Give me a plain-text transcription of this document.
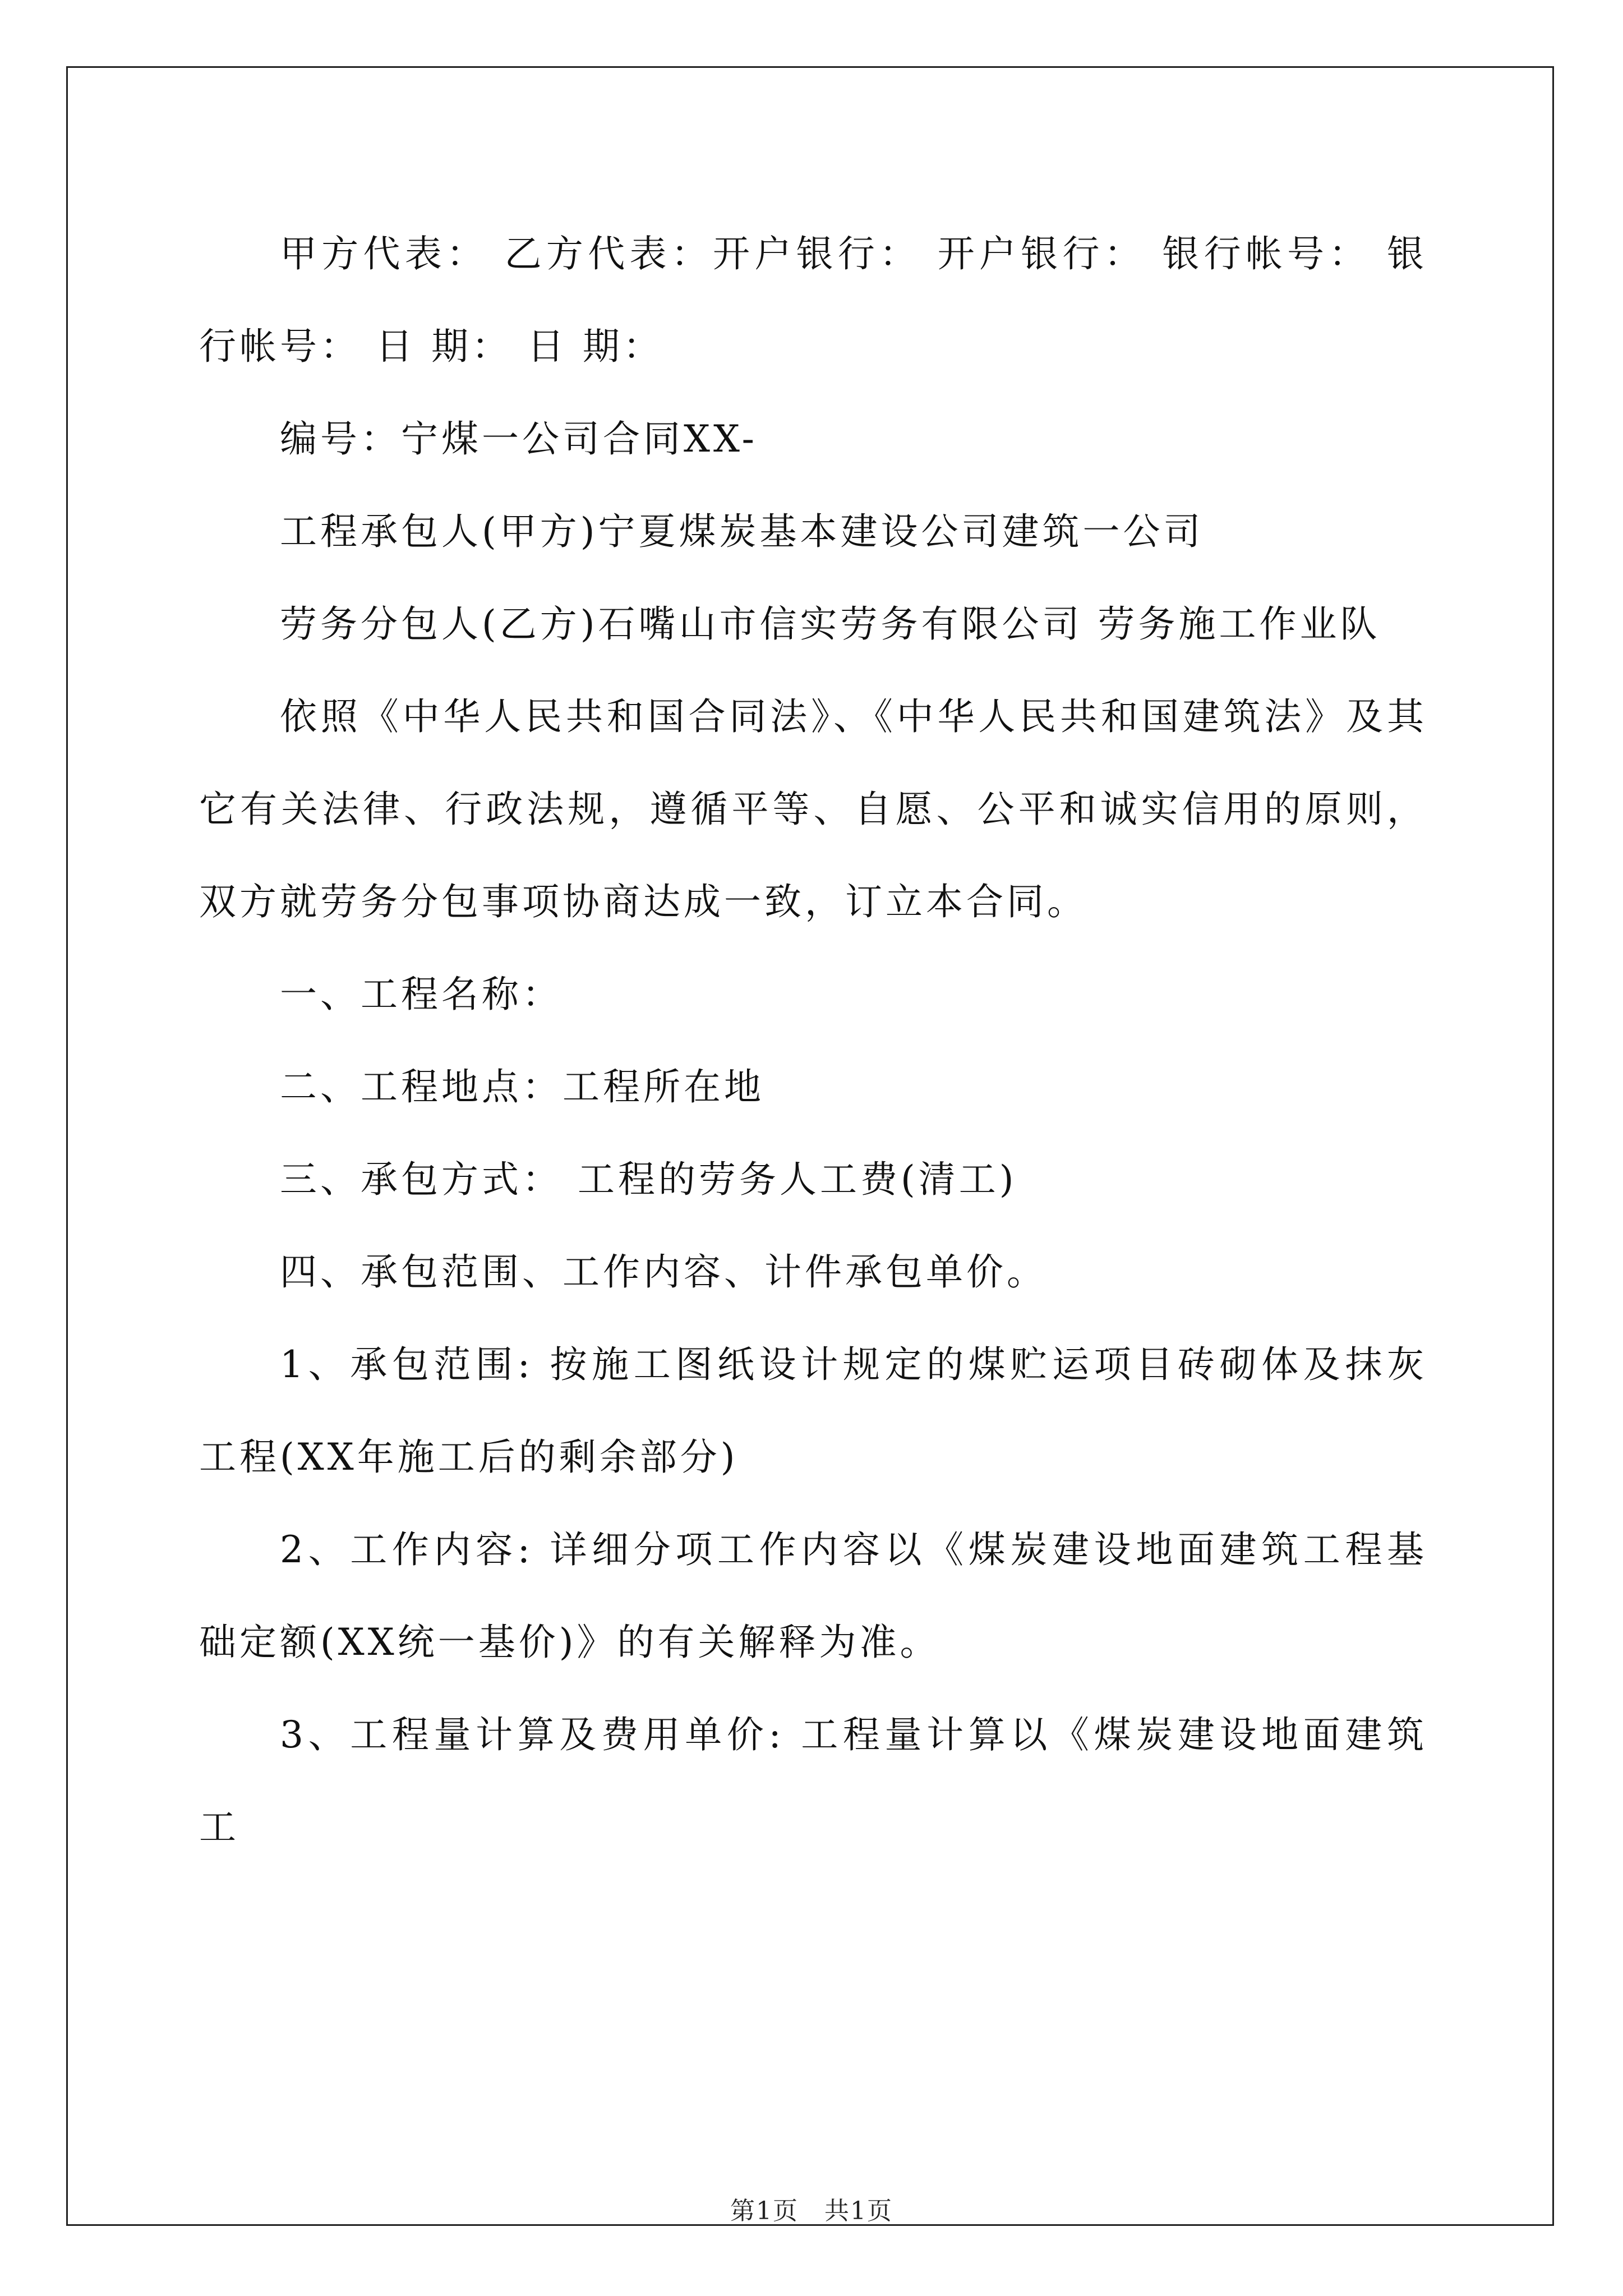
甲方代表： 乙方代表：开户银行： 开户银行： 银行帐号： 银行帐号： 日 期： 日 期：

编号：宁煤一公司合同XX-

工程承包人(甲方)宁夏煤炭基本建设公司建筑一公司

劳务分包人(乙方)石嘴山市信实劳务有限公司 劳务施工作业队

依照《中华人民共和国合同法》、《中华人民共和国建筑法》及其它有关法律、行政法规，遵循平等、自愿、公平和诚实信用的原则，双方就劳务分包事项协商达成一致，订立本合同。

一、工程名称：

二、工程地点：工程所在地

三、承包方式： 工程的劳务人工费(清工)

四、承包范围、工作内容、计件承包单价。

1、承包范围: 按施工图纸设计规定的煤贮运项目砖砌体及抹灰工程(XX年施工后的剩余部分)

2、工作内容: 详细分项工作内容以《煤炭建设地面建筑工程基础定额(XX统一基价)》的有关解释为准。

3、工程量计算及费用单价: 工程量计算以《煤炭建设地面建筑工

第1页　共1页
